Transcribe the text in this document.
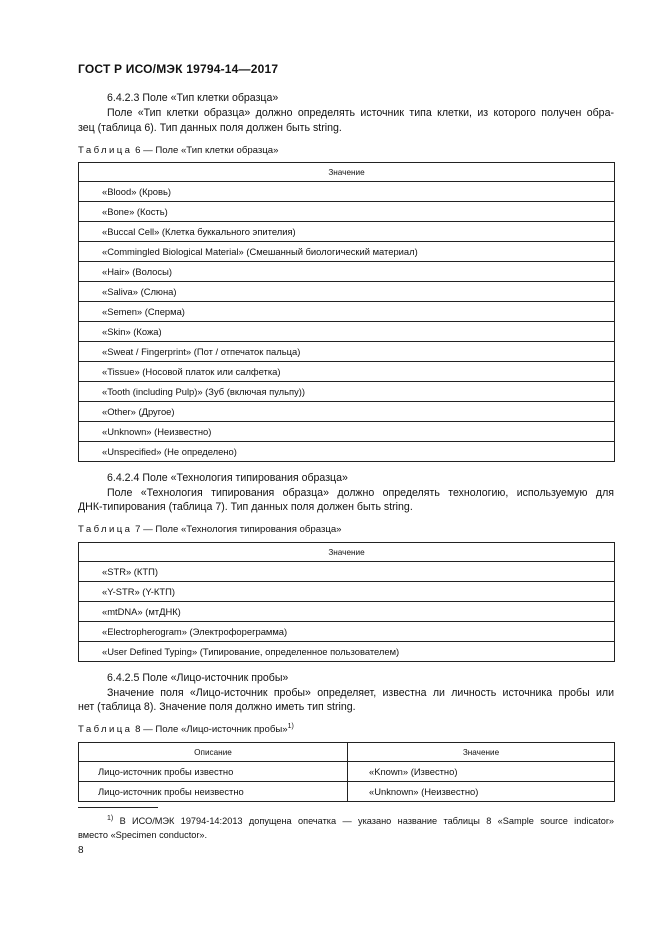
ГОСТ Р ИСО/МЭК 19794-14—2017
6.4.2.3 Поле «Тип клетки образца»
Поле «Тип клетки образца» должно определять источник типа клетки, из которого получен обра-
зец (таблица 6). Тип данных поля должен быть string.
Таблица 6 — Поле «Тип клетки образца»
Значение
«Blood» (Кровь)
«Bone» (Кость)
«Buccal Cell» (Клетка буккального эпителия)
«Commingled Biological Material» (Смешанный биологический материал)
«Hair» (Волосы)
«Saliva» (Слюна)
«Semen» (Сперма)
«Skin» (Кожа)
«Sweat / Fingerprint» (Пот / отпечаток пальца)
«Tissue» (Носовой платок или салфетка)
«Tooth (including Pulp)» (Зуб (включая пульпу))
«Other» (Другое)
«Unknown» (Неизвестно)
«Unspecified» (Не определено)
6.4.2.4 Поле «Технология типирования образца»
Поле «Технология типирования образца» должно определять технологию, используемую для
ДНК-типирования (таблица 7). Тип данных поля должен быть string.
Таблица 7 — Поле «Технология типирования образца»
Значение
«STR» (КТП)
«Y-STR» (Y-КТП)
«mtDNA» (мтДНК)
«Electropherogram» (Электрофореграмма)
«User Defined Typing» (Типирование, определенное пользователем)
6.4.2.5 Поле «Лицо-источник пробы»
Значение поля «Лицо-источник пробы» определяет, известна ли личность источника пробы или
нет (таблица 8). Значение поля должно иметь тип string.
Таблица 8 — Поле «Лицо-источник пробы»$^{1)}$
Описание	Значение
Лицо-источник пробы известно	«Known» (Известно)
Лицо-источник пробы неизвестно	«Unknown» (Неизвестно)
$^{1)}$ В ИСО/МЭК 19794-14:2013 допущена опечатка — указано название таблицы 8 «Sample source indicator»
вместо «Specimen conductor».
8
